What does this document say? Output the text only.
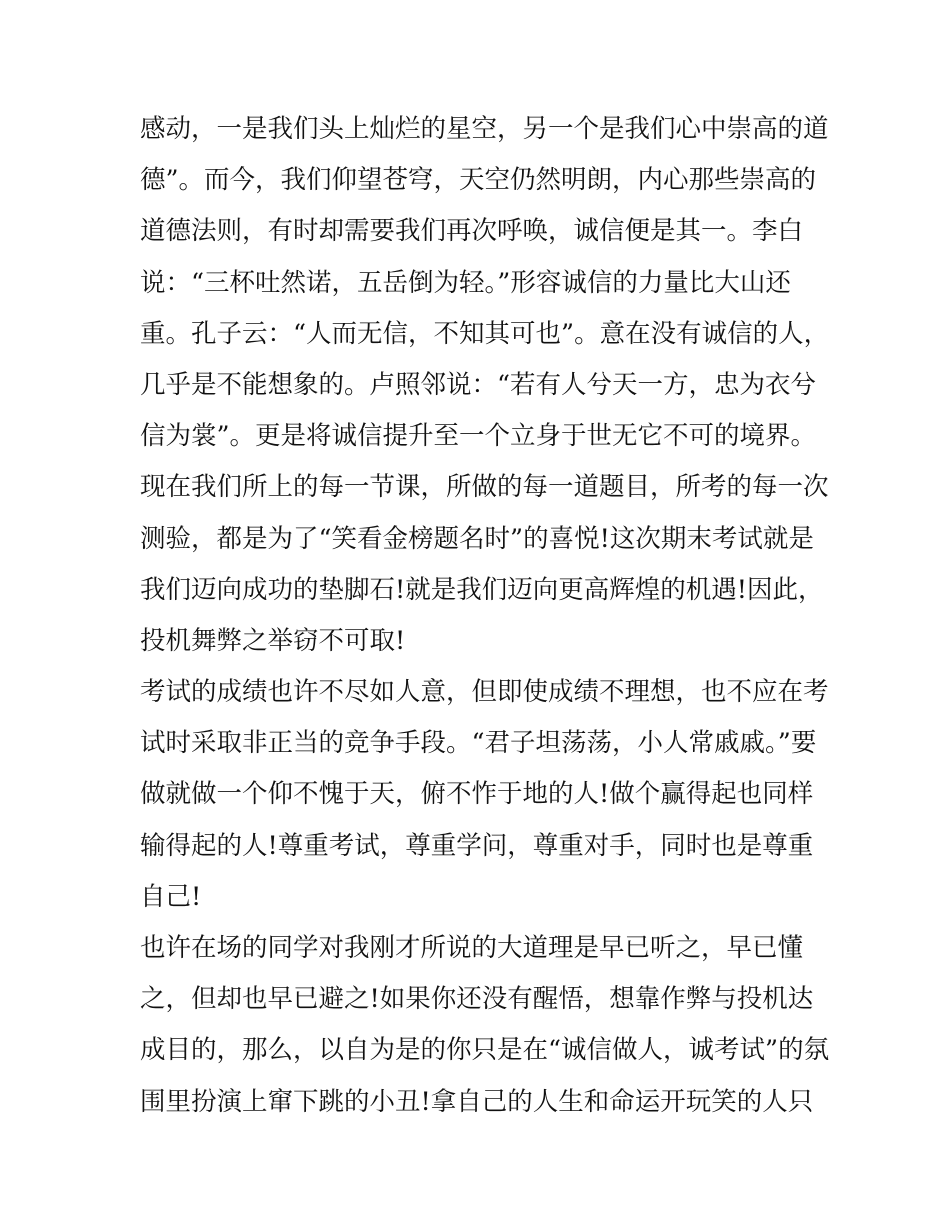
感动，一是我们头上灿烂的星空，另一个是我们心中崇高的道
德”。而今，我们仰望苍穹，天空仍然明朗，内心那些崇高的
道德法则，有时却需要我们再次呼唤，诚信便是其一。李白
说：“三杯吐然诺，五岳倒为轻。”形容诚信的力量比大山还
重。孔子云：“人而无信，不知其可也”。意在没有诚信的人，
几乎是不能想象的。卢照邻说：“若有人兮天一方，忠为衣兮
信为裳”。更是将诚信提升至一个立身于世无它不可的境界。
现在我们所上的每一节课，所做的每一道题目，所考的每一次
测验，都是为了“笑看金榜题名时”的喜悦!这次期末考试就是
我们迈向成功的垫脚石!就是我们迈向更高辉煌的机遇!因此，
投机舞弊之举窃不可取!
考试的成绩也许不尽如人意，但即使成绩不理想，也不应在考
试时采取非正当的竞争手段。“君子坦荡荡，小人常戚戚。”要
做就做一个仰不愧于天，俯不怍于地的人!做个赢得起也同样
输得起的人!尊重考试，尊重学问，尊重对手，同时也是尊重
自己!
也许在场的同学对我刚才所说的大道理是早已听之，早已懂
之，但却也早已避之!如果你还没有醒悟，想靠作弊与投机达
成目的，那么，以自为是的你只是在“诚信做人，诚考试”的氛
围里扮演上窜下跳的小丑!拿自己的人生和命运开玩笑的人只
